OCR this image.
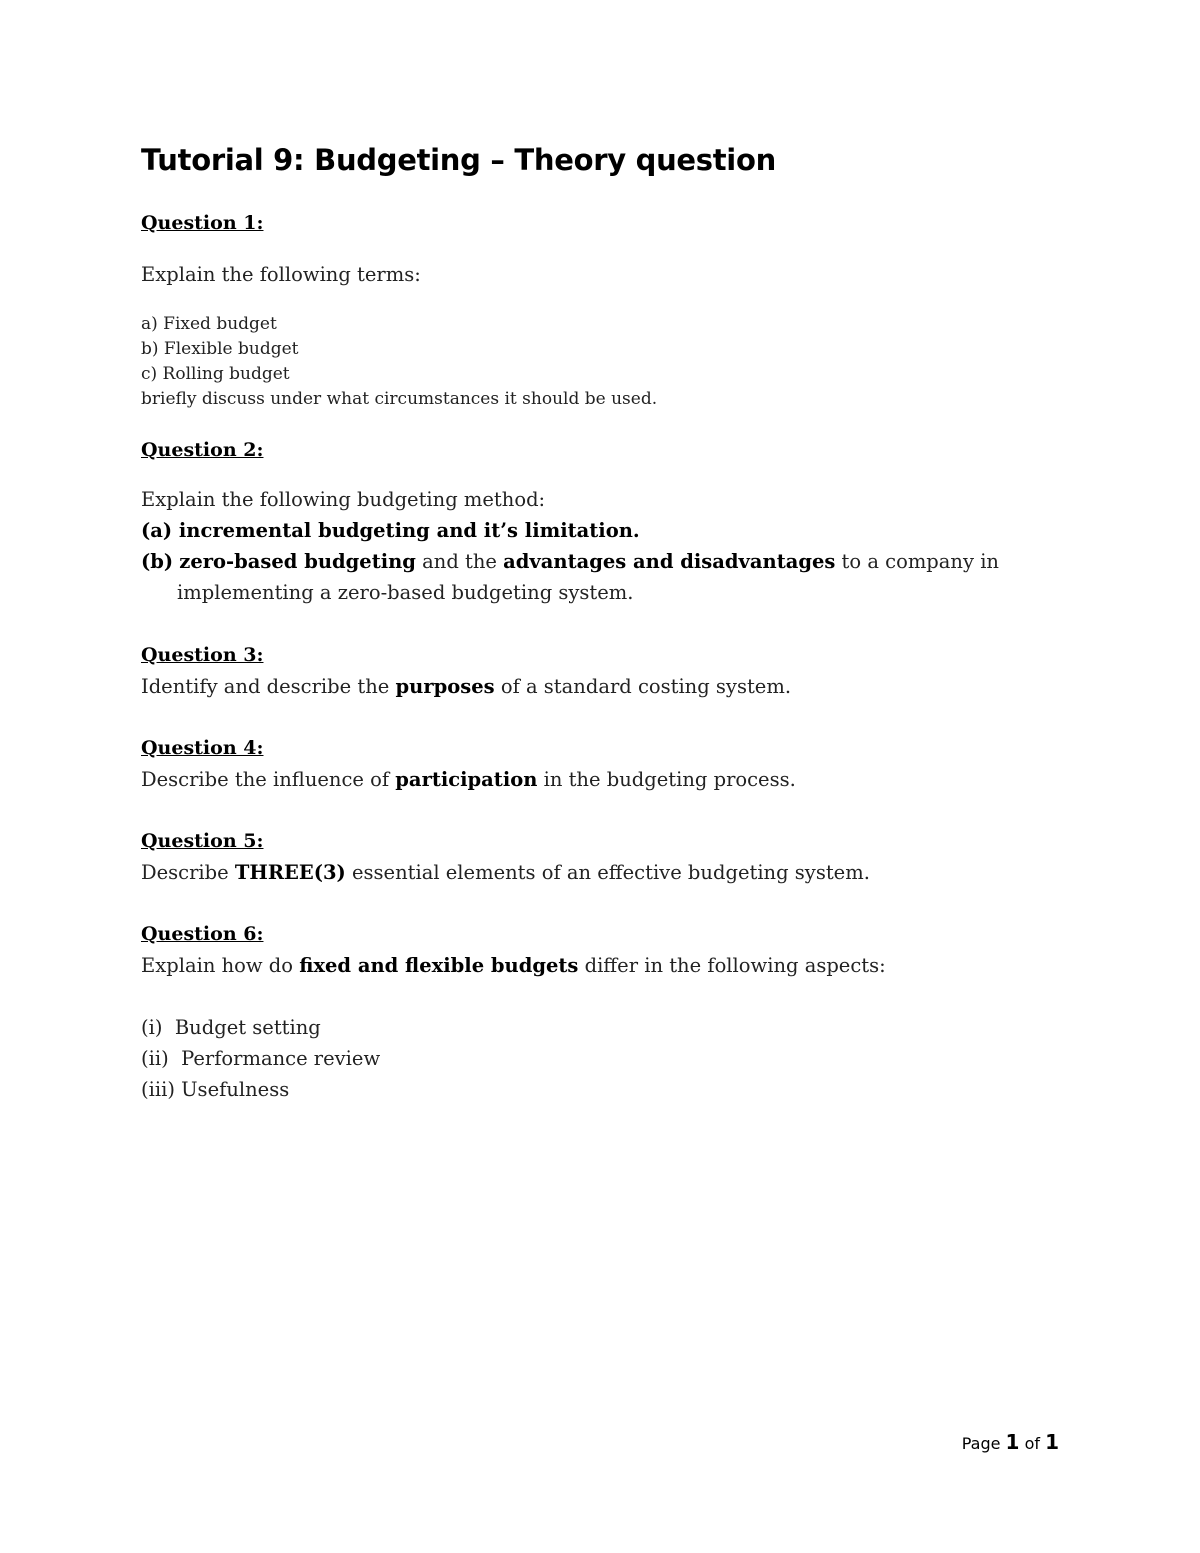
Tutorial 9: Budgeting – Theory question
Question 1:
Explain the following terms:
a) Fixed budget
b) Flexible budget
c) Rolling budget
briefly discuss under what circumstances it should be used.
Question 2:
Explain the following budgeting method:
(a) incremental budgeting and it’s limitation.
(b) zero-based budgeting and the advantages and disadvantages to a company in
implementing a zero-based budgeting system.
Question 3:
Identify and describe the purposes of a standard costing system.
Question 4:
Describe the influence of participation in the budgeting process.
Question 5:
Describe THREE(3) essential elements of an effective budgeting system.
Question 6:
Explain how do fixed and flexible budgets differ in the following aspects:
(i)  Budget setting
(ii)  Performance review
(iii) Usefulness
Page 1 of 1
